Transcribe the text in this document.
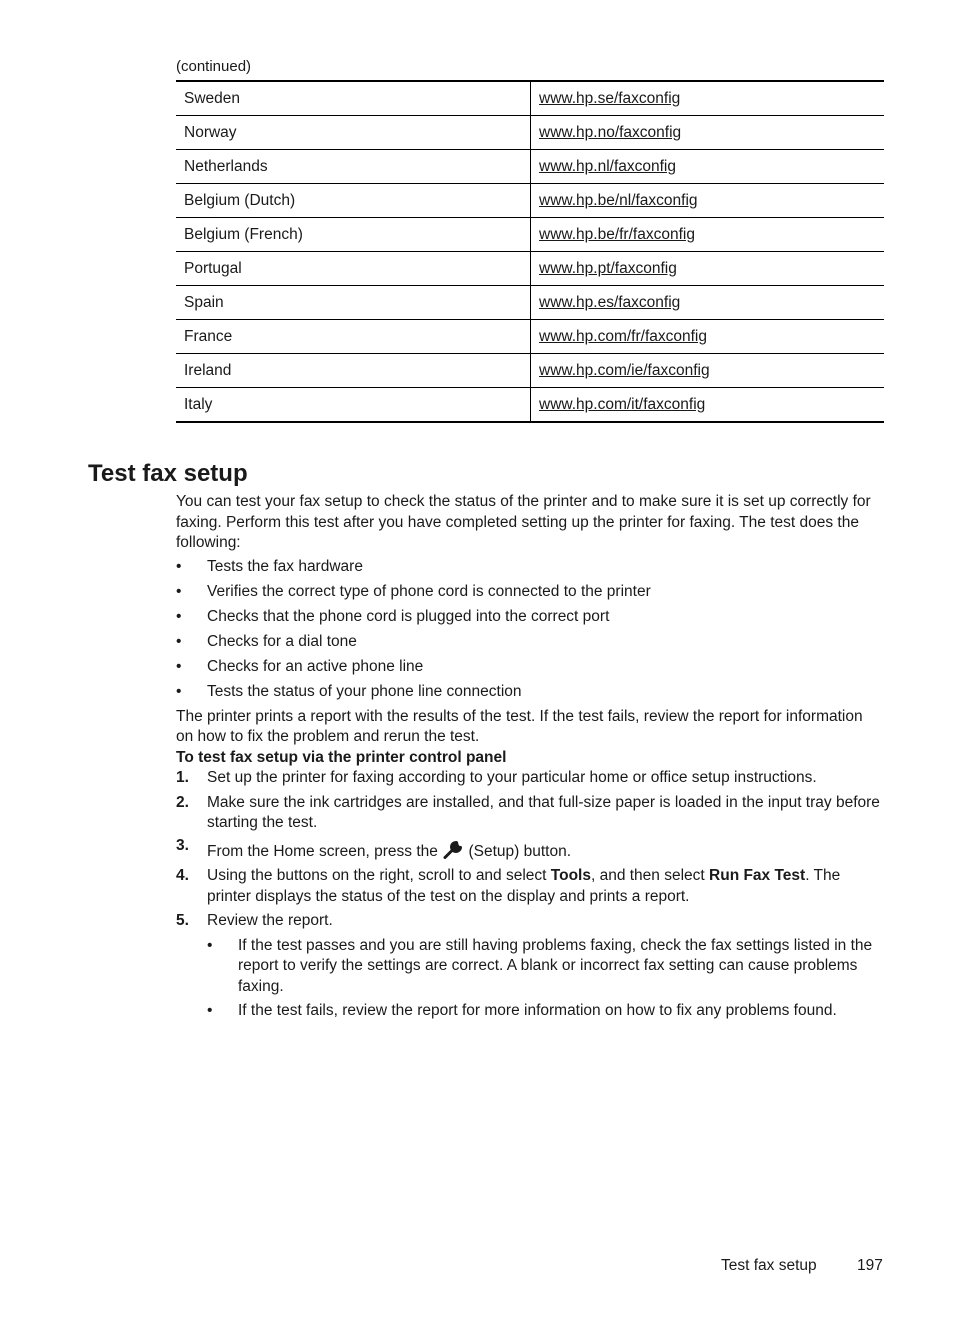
(continued)
Sweden	www.hp.se/faxconfig
Norway	www.hp.no/faxconfig
Netherlands	www.hp.nl/faxconfig
Belgium (Dutch)	www.hp.be/nl/faxconfig
Belgium (French)	www.hp.be/fr/faxconfig
Portugal	www.hp.pt/faxconfig
Spain	www.hp.es/faxconfig
France	www.hp.com/fr/faxconfig
Ireland	www.hp.com/ie/faxconfig
Italy	www.hp.com/it/faxconfig
Test fax setup

You can test your fax setup to check the status of the printer and to make sure it is set up correctly for faxing. Perform this test after you have completed setting up the printer for faxing. The test does the following:

• Tests the fax hardware
• Verifies the correct type of phone cord is connected to the printer
• Checks that the phone cord is plugged into the correct port
• Checks for a dial tone
• Checks for an active phone line
• Tests the status of your phone line connection

The printer prints a report with the results of the test. If the test fails, review the report for information on how to fix the problem and rerun the test.

To test fax setup via the printer control panel

1. Set up the printer for faxing according to your particular home or office setup instructions.
2. Make sure the ink cartridges are installed, and that full-size paper is loaded in the input tray before starting the test.
3. From the Home screen, press the  (Setup) button.
4. Using the buttons on the right, scroll to and select Tools, and then select Run Fax Test. The printer displays the status of the test on the display and prints a report.
5. Review the report.
• If the test passes and you are still having problems faxing, check the fax settings listed in the report to verify the settings are correct. A blank or incorrect fax setting can cause problems faxing.
• If the test fails, review the report for more information on how to fix any problems found.
Test fax setup	197
